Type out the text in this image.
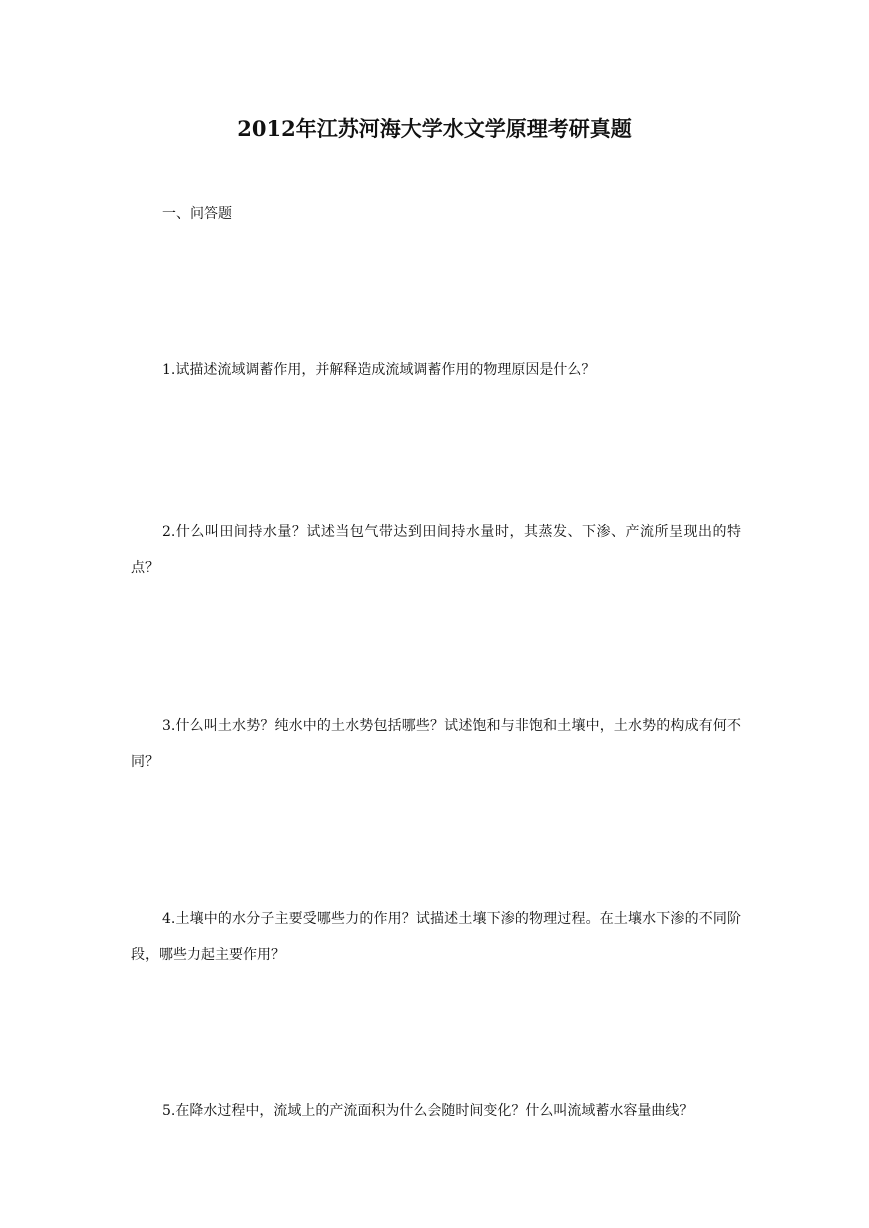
2012年江苏河海大学水文学原理考研真题
一、问答题

1.试描述流域调蓄作用，并解释造成流域调蓄作用的物理原因是什么？

2.什么叫田间持水量？试述当包气带达到田间持水量时，其蒸发、下渗、产流所呈现出的特点？

3.什么叫土水势？纯水中的土水势包括哪些？试述饱和与非饱和土壤中，土水势的构成有何不同？

4.土壤中的水分子主要受哪些力的作用？试描述土壤下渗的物理过程。在土壤水下渗的不同阶段，哪些力起主要作用？

5.在降水过程中，流域上的产流面积为什么会随时间变化？什么叫流域蓄水容量曲线？
